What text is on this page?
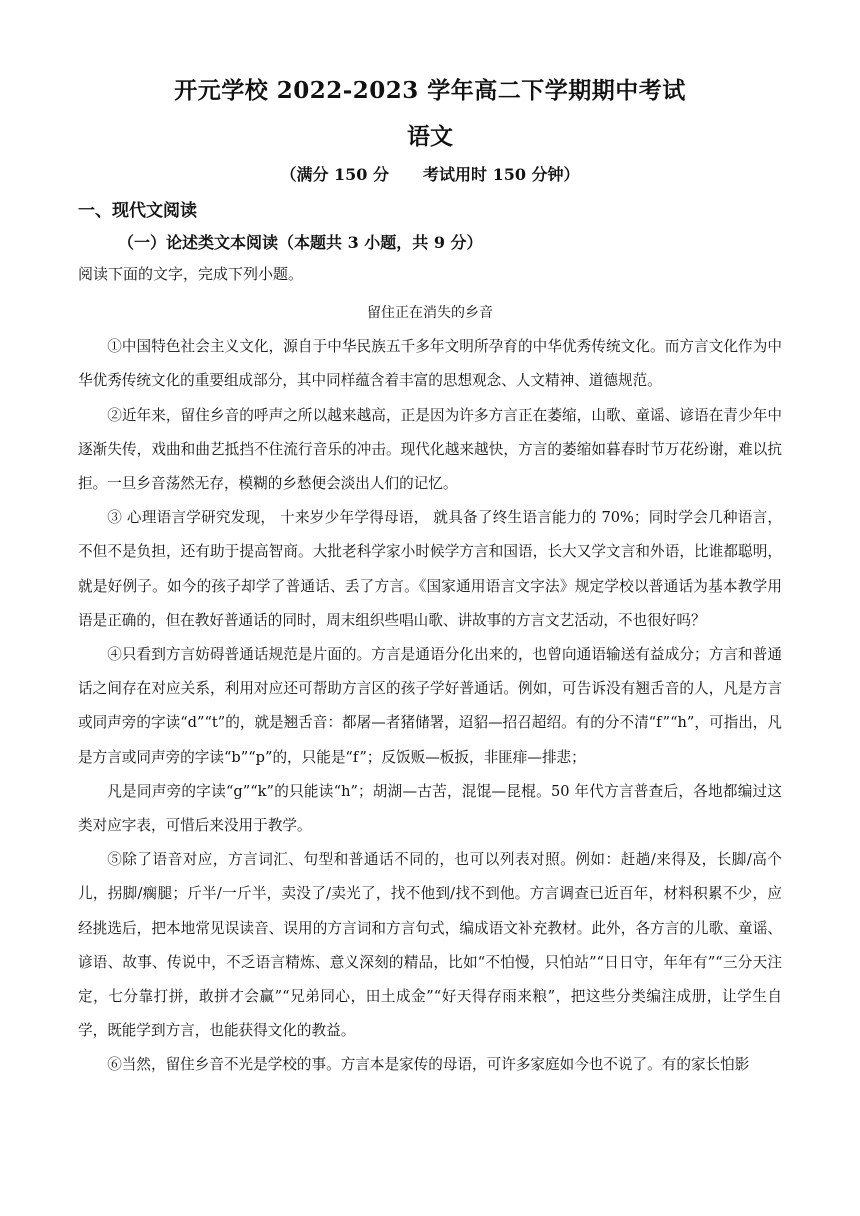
开元学校 2022-2023 学年高二下学期期中考试
语文
（满分 150 分 考试用时 150 分钟）
一、现代文阅读
（一）论述类文本阅读（本题共 3 小题，共 9 分）
阅读下面的文字，完成下列小题。
留住正在消失的乡音

①中国特色社会主义文化，源自于中华民族五千多年文明所孕育的中华优秀传统文化。而方言文化作为中华优秀传统文化的重要组成部分，其中同样蕴含着丰富的思想观念、人文精神、道德规范。

②近年来，留住乡音的呼声之所以越来越高，正是因为许多方言正在萎缩，山歌、童谣、谚语在青少年中逐渐失传，戏曲和曲艺抵挡不住流行音乐的冲击。现代化越来越快，方言的萎缩如暮春时节万花纷谢，难以抗拒。一旦乡音荡然无存，模糊的乡愁便会淡出人们的记忆。

③ 心理语言学研究发现， 十来岁少年学得母语， 就具备了终生语言能力的 70%；同时学会几种语言，不但不是负担，还有助于提高智商。大批老科学家小时候学方言和国语，长大又学文言和外语，比谁都聪明，就是好例子。如今的孩子却学了普通话、丢了方言。《国家通用语言文字法》规定学校以普通话为基本教学用语是正确的，但在教好普通话的同时，周末组织些唱山歌、讲故事的方言文艺活动，不也很好吗？

④只看到方言妨碍普通话规范是片面的。方言是通语分化出来的，也曾向通语输送有益成分；方言和普通话之间存在对应关系，利用对应还可帮助方言区的孩子学好普通话。例如，可告诉没有翘舌音的人，凡是方言或同声旁的字读“d”“t”的，就是翘舌音：都屠—者猪储署，迢貂—招召超绍。有的分不清“f”“h”，可指出，凡是方言或同声旁的字读“b”“p”的，只能是“f”；反饭贩—板扳，非匪痱—排悲；

凡是同声旁的字读“g”“k”的只能读“h”；胡湖—古苦，混馄—昆棍。50 年代方言普查后，各地都编过这类对应字表，可惜后来没用于教学。

⑤除了语音对应，方言词汇、句型和普通话不同的，也可以列表对照。例如：赶趟/来得及，长脚/高个儿，拐脚/瘸腿；斤半/一斤半，卖没了/卖光了，找不他到/找不到他。方言调查已近百年，材料积累不少，应经挑选后，把本地常见误读音、误用的方言词和方言句式，编成语文补充教材。此外，各方言的儿歌、童谣、谚语、故事、传说中，不乏语言精炼、意义深刻的精品，比如“不怕慢，只怕站”“日日守，年年有”“三分天注定，七分靠打拼，敢拼才会赢”“兄弟同心，田土成金”“好天得存雨来粮”，把这些分类编注成册，让学生自学，既能学到方言，也能获得文化的教益。

⑥当然，留住乡音不光是学校的事。方言本是家传的母语，可许多家庭如今也不说了。有的家长怕影
